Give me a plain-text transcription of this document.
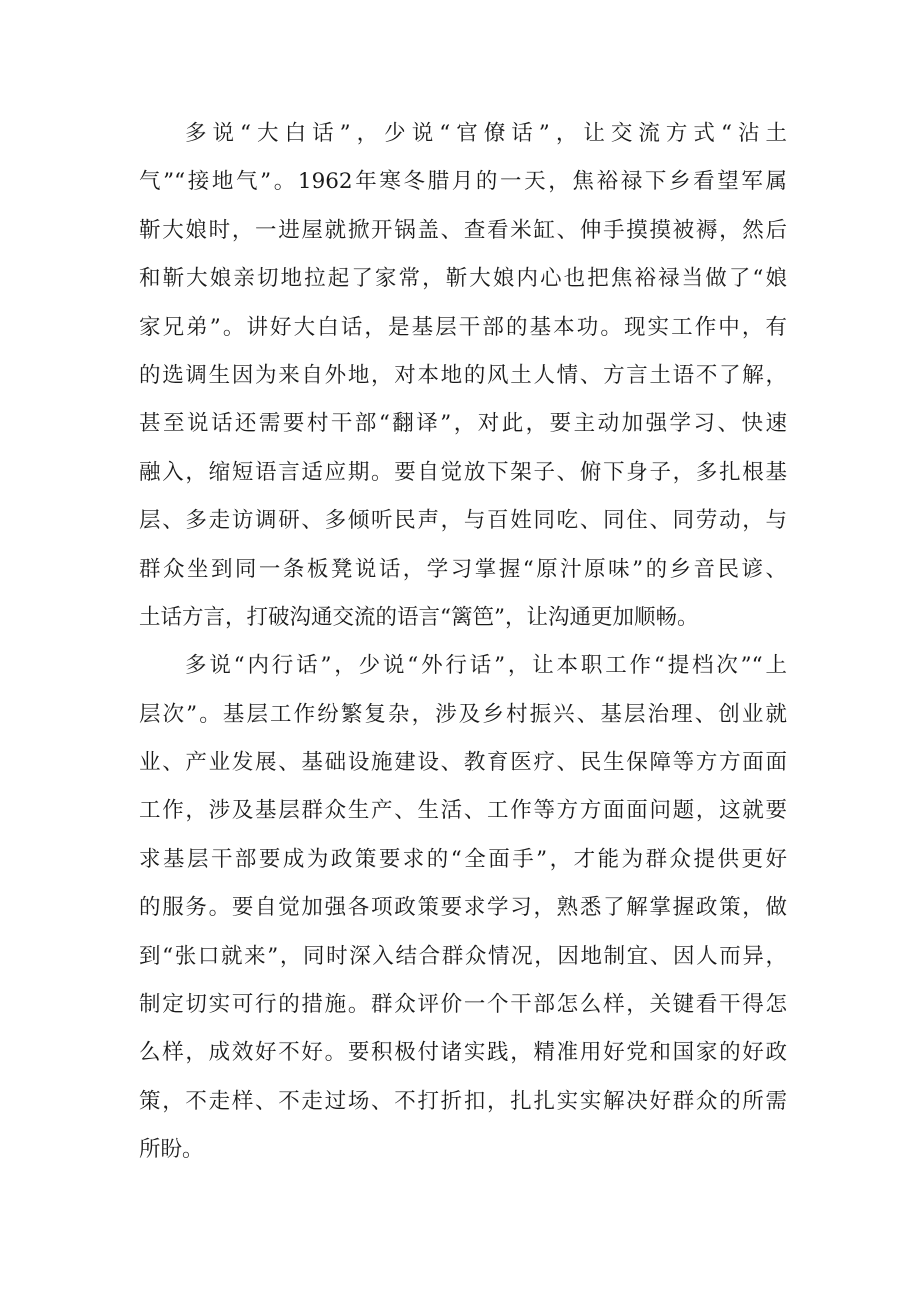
多说“大白话”，少说“官僚话”，让交流方式“沾土
气”“接地气”。1962年寒冬腊月的一天，焦裕禄下乡看望军属
靳大娘时，一进屋就掀开锅盖、查看米缸、伸手摸摸被褥，然后
和靳大娘亲切地拉起了家常，靳大娘内心也把焦裕禄当做了“娘
家兄弟”。讲好大白话，是基层干部的基本功。现实工作中，有
的选调生因为来自外地，对本地的风土人情、方言土语不了解，
甚至说话还需要村干部“翻译”，对此，要主动加强学习、快速
融入，缩短语言适应期。要自觉放下架子、俯下身子，多扎根基
层、多走访调研、多倾听民声，与百姓同吃、同住、同劳动，与
群众坐到同一条板凳说话，学习掌握“原汁原味”的乡音民谚、
土话方言，打破沟通交流的语言“篱笆”，让沟通更加顺畅。

多说“内行话”，少说“外行话”，让本职工作“提档次”“上
层次”。基层工作纷繁复杂，涉及乡村振兴、基层治理、创业就
业、产业发展、基础设施建设、教育医疗、民生保障等方方面面
工作，涉及基层群众生产、生活、工作等方方面面问题，这就要
求基层干部要成为政策要求的“全面手”，才能为群众提供更好
的服务。要自觉加强各项政策要求学习，熟悉了解掌握政策，做
到“张口就来”，同时深入结合群众情况，因地制宜、因人而异，
制定切实可行的措施。群众评价一个干部怎么样，关键看干得怎
么样，成效好不好。要积极付诸实践，精准用好党和国家的好政
策，不走样、不走过场、不打折扣，扎扎实实解决好群众的所需
所盼。
